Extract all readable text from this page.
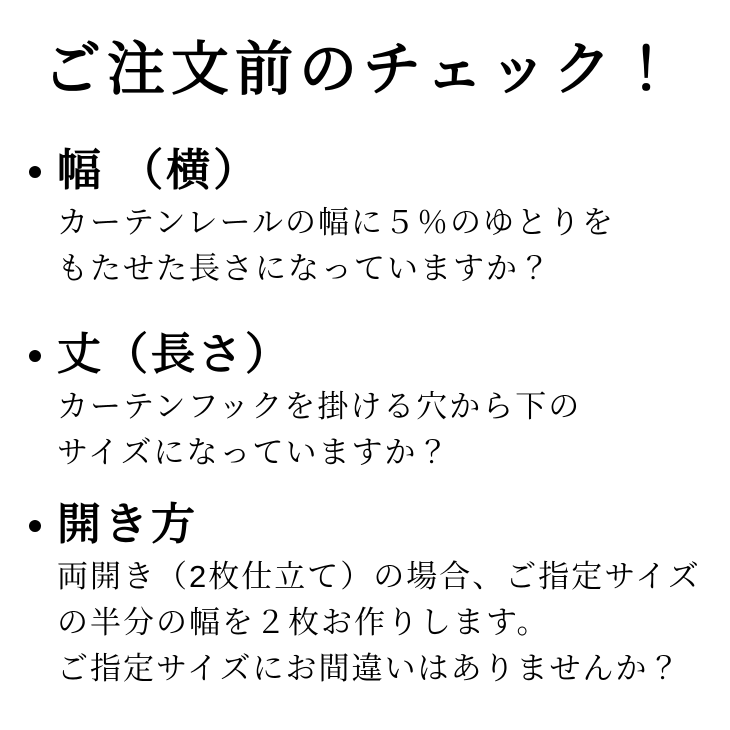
ご注文前のチェック！
幅 （横）

カーテンレールの幅に５％のゆとりを

もたせた長さになっていますか？

丈（長さ）

カーテンフックを掛ける穴から下の

サイズになっていますか？

開き方

両開き（2枚仕立て）の場合、ご指定サイズ

の半分の幅を２枚お作りします。

ご指定サイズにお間違いはありませんか？
